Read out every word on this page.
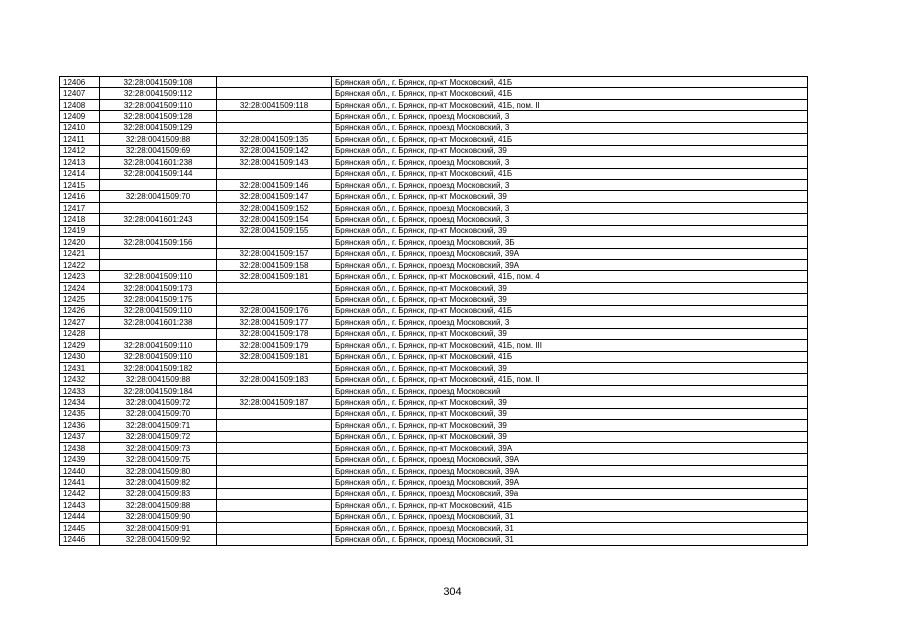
12406	32:28:0041509:108		Брянская обл., г. Брянск, пр-кт Московский, 41Б
12407	32:28:0041509:112		Брянская обл., г. Брянск, пр-кт Московский, 41Б
12408	32:28:0041509:110	32:28:0041509:118	Брянская обл., г. Брянск, пр-кт Московский, 41Б, пом. II
12409	32:28:0041509:128		Брянская обл., г. Брянск, проезд Московский, 3
12410	32:28:0041509:129		Брянская обл., г. Брянск, проезд Московский, 3
12411	32:28:0041509:88	32:28:0041509:135	Брянская обл., г. Брянск, пр-кт Московский, 41Б
12412	32:28:0041509:69	32:28:0041509:142	Брянская обл., г. Брянск, пр-кт Московский, 39
12413	32:28:0041601:238	32:28:0041509:143	Брянская обл., г. Брянск, проезд Московский, 3
12414	32:28:0041509:144		Брянская обл., г. Брянск, пр-кт Московский, 41Б
12415		32:28:0041509:146	Брянская обл., г. Брянск, проезд Московский, 3
12416	32:28:0041509:70	32:28:0041509:147	Брянская обл., г. Брянск, пр-кт Московский, 39
12417		32:28:0041509:152	Брянская обл., г. Брянск, проезд Московский, 3
12418	32:28:0041601:243	32:28:0041509:154	Брянская обл., г. Брянск, проезд Московский, 3
12419		32:28:0041509:155	Брянская обл., г. Брянск, пр-кт Московский, 39
12420	32:28:0041509:156		Брянская обл., г. Брянск, проезд Московский, 3Б
12421		32:28:0041509:157	Брянская обл., г. Брянск, проезд Московский, 39А
12422		32:28:0041509:158	Брянская обл., г. Брянск, проезд Московский, 39А
12423	32:28:0041509:110	32:28:0041509:181	Брянская обл., г. Брянск, пр-кт Московский, 41Б, пом. 4
12424	32:28:0041509:173		Брянская обл., г. Брянск, пр-кт Московский, 39
12425	32:28:0041509:175		Брянская обл., г. Брянск, пр-кт Московский, 39
12426	32:28:0041509:110	32:28:0041509:176	Брянская обл., г. Брянск, пр-кт Московский, 41Б
12427	32:28:0041601:238	32:28:0041509:177	Брянская обл., г. Брянск, проезд Московский, 3
12428		32:28:0041509:178	Брянская обл., г. Брянск, пр-кт Московский, 39
12429	32:28:0041509:110	32:28:0041509:179	Брянская обл., г. Брянск, пр-кт Московский, 41Б, пом. III
12430	32:28:0041509:110	32:28:0041509:181	Брянская обл., г. Брянск, пр-кт Московский, 41Б
12431	32:28:0041509:182		Брянская обл., г. Брянск, пр-кт Московский, 39
12432	32:28:0041509:88	32:28:0041509:183	Брянская обл., г. Брянск, пр-кт Московский, 41Б, пом. II
12433	32:28:0041509:184		Брянская обл., г. Брянск, проезд Московский
12434	32:28:0041509:72	32:28:0041509:187	Брянская обл., г. Брянск, пр-кт Московский, 39
12435	32:28:0041509:70		Брянская обл., г. Брянск, пр-кт Московский, 39
12436	32:28:0041509:71		Брянская обл., г. Брянск, пр-кт Московский, 39
12437	32:28:0041509:72		Брянская обл., г. Брянск, пр-кт Московский, 39
12438	32:28:0041509:73		Брянская обл., г. Брянск, пр-кт Московский, 39А
12439	32:28:0041509:75		Брянская обл., г. Брянск, проезд Московский, 39А
12440	32:28:0041509:80		Брянская обл., г. Брянск, проезд Московский, 39А
12441	32:28:0041509:82		Брянская обл., г. Брянск, проезд Московский, 39А
12442	32:28:0041509:83		Брянская обл., г. Брянск, проезд Московский, 39а
12443	32:28:0041509:88		Брянская обл., г. Брянск, пр-кт Московский, 41Б
12444	32:28:0041509:90		Брянская обл., г. Брянск, проезд Московский, 31
12445	32:28:0041509:91		Брянская обл., г. Брянск, проезд Московский, 31
12446	32:28:0041509:92		Брянская обл., г. Брянск, проезд Московский, 31
304
